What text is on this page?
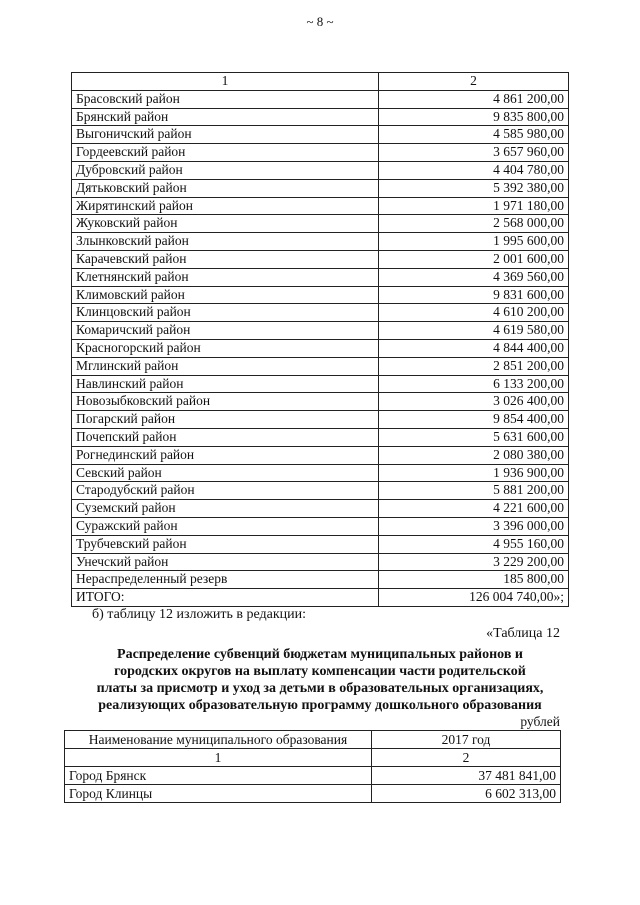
~ 8 ~
1	2
Брасовский район	4 861 200,00
Брянский район	9 835 800,00
Выгоничский район	4 585 980,00
Гордеевский район	3 657 960,00
Дубровский район	4 404 780,00
Дятьковский район	5 392 380,00
Жирятинский район	1 971 180,00
Жуковский район	2 568 000,00
Злынковский район	1 995 600,00
Карачевский район	2 001 600,00
Клетнянский район	4 369 560,00
Климовский район	9 831 600,00
Клинцовский район	4 610 200,00
Комаричский район	4 619 580,00
Красногорский район	4 844 400,00
Мглинский район	2 851 200,00
Навлинский район	6 133 200,00
Новозыбковский район	3 026 400,00
Погарский район	9 854 400,00
Почепский район	5 631 600,00
Рогнединский район	2 080 380,00
Севский район	1 936 900,00
Стародубский район	5 881 200,00
Суземский район	4 221 600,00
Суражский район	3 396 000,00
Трубчевский район	4 955 160,00
Унечский район	3 229 200,00
Нераспределенный резерв	185 800,00
ИТОГО:	126 004 740,00»;
б) таблицу 12 изложить в редакции:
«Таблица 12
Распределение субвенций бюджетам муниципальных районов и
городских округов на выплату компенсации части родительской
платы за присмотр и уход за детьми в образовательных организациях,
реализующих образовательную программу дошкольного образования
рублей
Наименование муниципального образования	2017 год
1	2
Город Брянск	37 481 841,00
Город Клинцы	6 602 313,00
